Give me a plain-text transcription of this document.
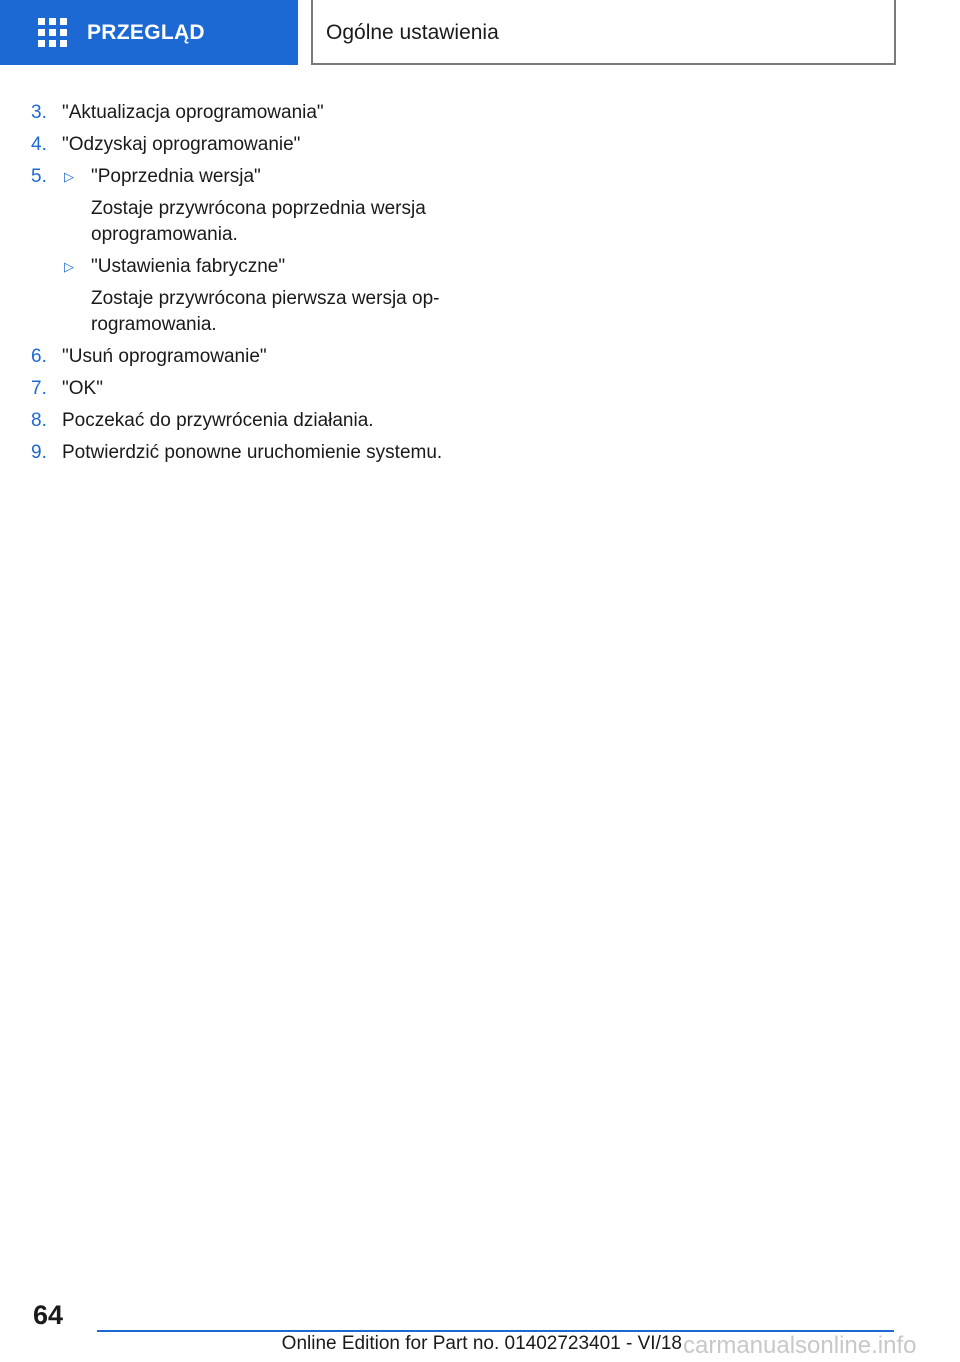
PRZEGLĄD	Ogólne ustawienia
3. "Aktualizacja oprogramowania"
4. "Odzyskaj oprogramowanie"
5.	▷ "Poprzednia wersja"
Zostaje przywrócona poprzednia wersja oprogramowania.
▷ "Ustawienia fabryczne"
Zostaje przywrócona pierwsza wersja oprogramowania.
6. "Usuń oprogramowanie"
7. "OK"
8. Poczekać do przywrócenia działania.
9. Potwierdzić ponowne uruchomienie systemu.
64
Online Edition for Part no. 01402723401 - VI/18 carmanualsonline.info
